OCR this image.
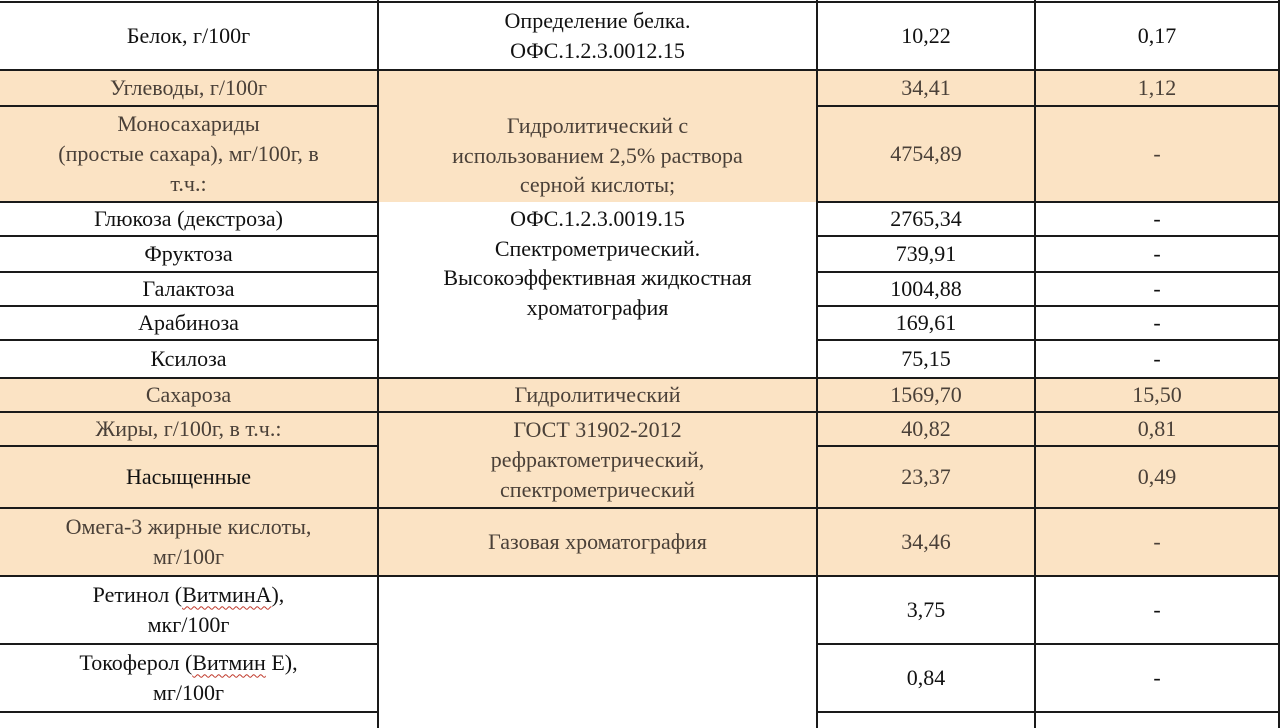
Белок, г/100г
Углеводы, г/100г
Моносахариды
(простые сахара), мг/100г, в
т.ч.:
Глюкоза (декстроза)
Фруктоза
Галактоза
Арабиноза
Ксилоза
Сахароза
Жиры, г/100г, в т.ч.:
Насыщенные
Омега-3 жирные кислоты,
мг/100г
Ретинол (ВитминА),
мкг/100г
Токоферол (Витмин Е),
мг/100г
Определение белка.
ОФС.1.2.3.0012.15
Гидролитический с
использованием 2,5% раствора
серной кислоты;
ОФС.1.2.3.0019.15
Спектрометрический.
Высокоэффективная жидкостная
хроматография
Гидролитический
ГОСТ 31902-2012
рефрактометрический,
спектрометрический
Газовая хроматография
10,22
34,41
4754,89
2765,34
739,91
1004,88
169,61
75,15
1569,70
40,82
23,37
34,46
3,75
0,84
0,17
1,12
-
-
-
-
-
-
15,50
0,81
0,49
-
-
-
